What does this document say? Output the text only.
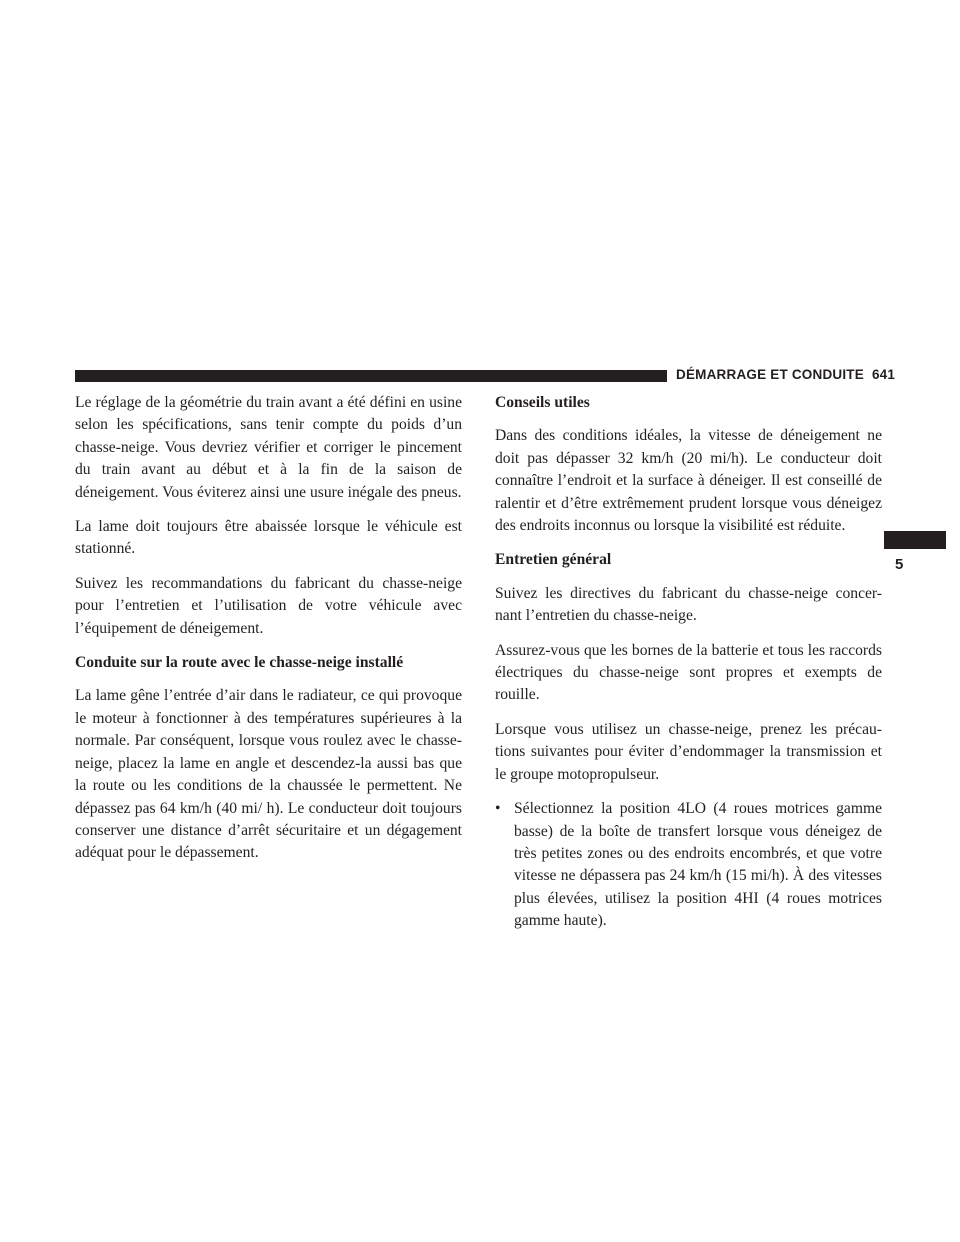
DÉMARRAGE ET CONDUITE 641
5

Le réglage de la géométrie du train avant a été défini en usine selon les spécifications, sans tenir compte du poids d’un chasse-neige. Vous devriez vérifier et corriger le pincement du train avant au début et à la fin de la saison de déneigement. Vous éviterez ainsi une usure inégale des pneus.

La lame doit toujours être abaissée lorsque le véhicule est stationné.

Suivez les recommandations du fabricant du chasse-neige pour l’entretien et l’utilisation de votre véhicule avec l’équipement de déneigement.

Conduite sur la route avec le chasse-neige installé

La lame gêne l’entrée d’air dans le radiateur, ce qui provoque le moteur à fonctionner à des températures supérieures à la normale. Par conséquent, lorsque vous roulez avec le chasse-neige, placez la lame en angle et descendez-la aussi bas que la route ou les conditions de la chaussée le permettent. Ne dépassez pas 64 km/h (40 mi/ h). Le conducteur doit toujours conserver une distance d’arrêt sécuritaire et un dégagement adéquat pour le dépassement.

Conseils utiles

Dans des conditions idéales, la vitesse de déneigement ne doit pas dépasser 32 km/h (20 mi/h). Le conducteur doit connaître l’endroit et la surface à déneiger. Il est conseillé de ralentir et d’être extrêmement prudent lorsque vous déneigez des endroits inconnus ou lorsque la visibilité est réduite.

Entretien général

Suivez les directives du fabricant du chasse-neige concer- nant l’entretien du chasse-neige.

Assurez-vous que les bornes de la batterie et tous les raccords électriques du chasse-neige sont propres et exempts de rouille.

Lorsque vous utilisez un chasse-neige, prenez les précau- tions suivantes pour éviter d’endommager la transmission et le groupe motopropulseur.

• Sélectionnez la position 4LO (4 roues motrices gamme basse) de la boîte de transfert lorsque vous déneigez de très petites zones ou des endroits encombrés, et que votre vitesse ne dépassera pas 24 km/h (15 mi/h). À des vitesses plus élevées, utilisez la position 4HI (4 roues motrices gamme haute).
